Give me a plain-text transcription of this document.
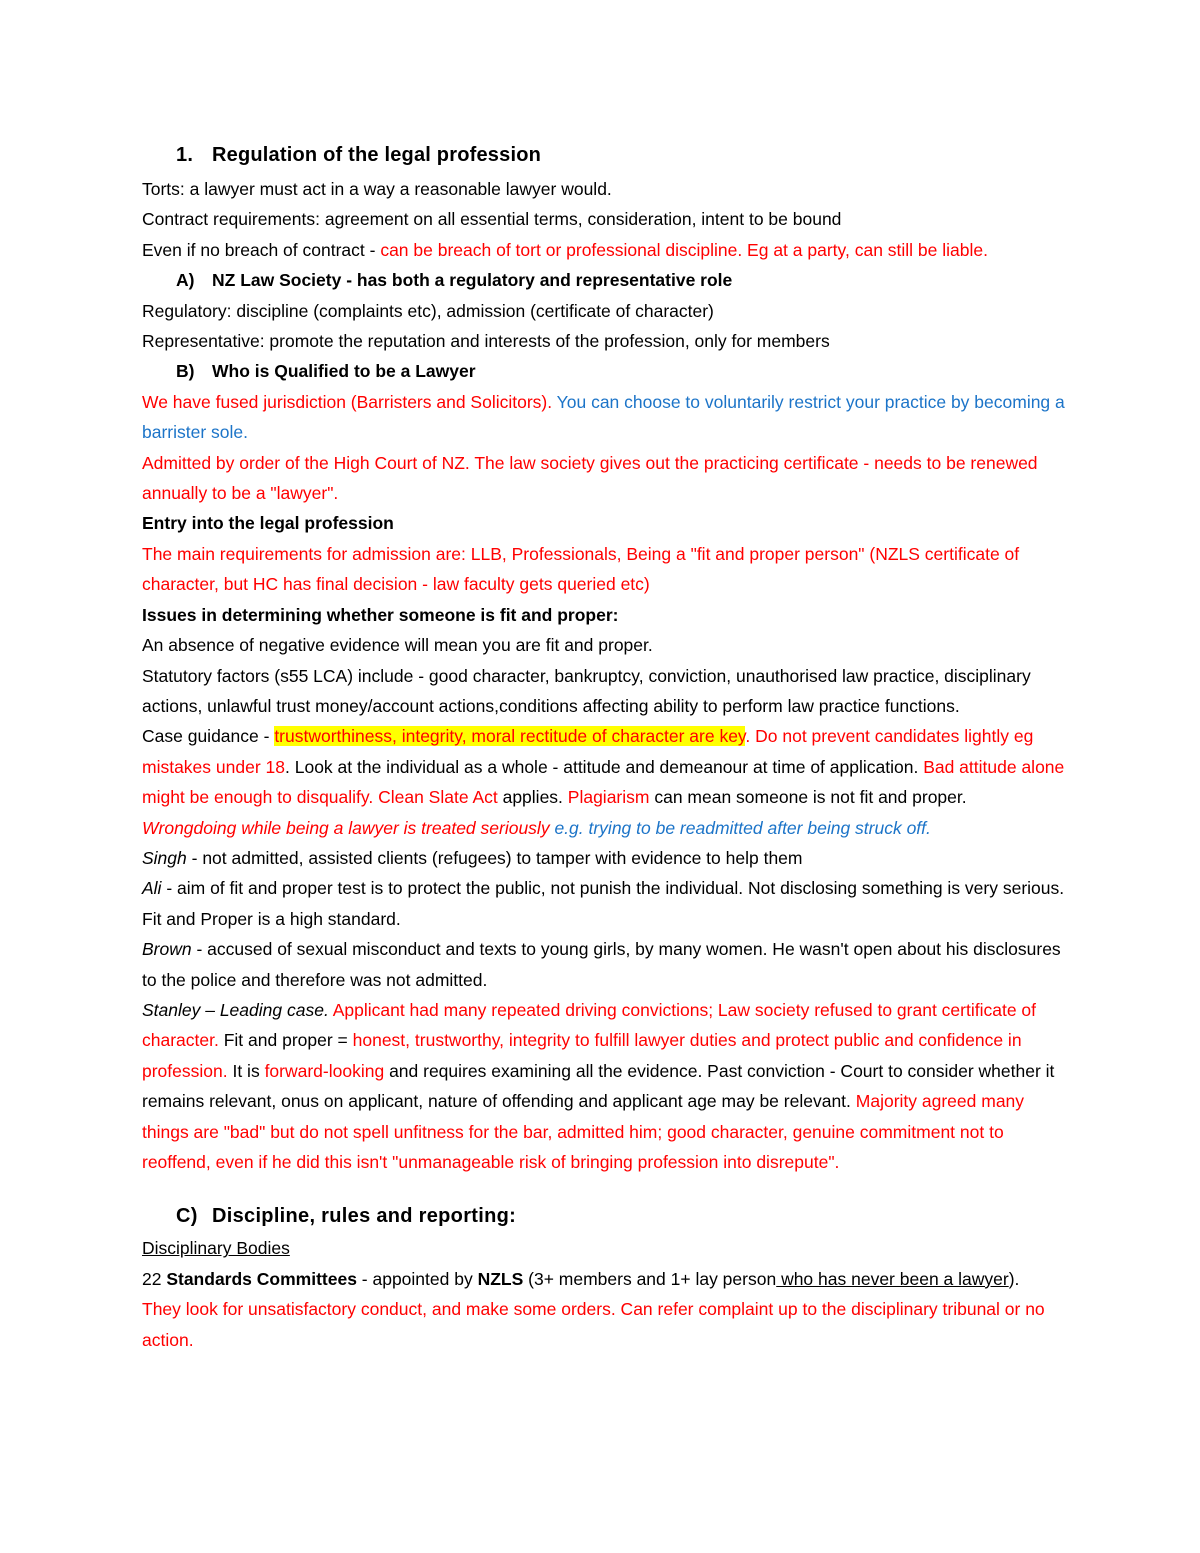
1. Regulation of the legal profession

Torts: a lawyer must act in a way a reasonable lawyer would.

Contract requirements: agreement on all essential terms, consideration, intent to be bound

Even if no breach of contract - can be breach of tort or professional discipline. Eg at a party, can still be liable.

A) NZ Law Society - has both a regulatory and representative role

Regulatory: discipline (complaints etc), admission (certificate of character)

Representative: promote the reputation and interests of the profession, only for members

B) Who is Qualified to be a Lawyer

We have fused jurisdiction (Barristers and Solicitors). You can choose to voluntarily restrict your practice by becoming a barrister sole.

Admitted by order of the High Court of NZ. The law society gives out the practicing certificate - needs to be renewed annually to be a "lawyer".

Entry into the legal profession

The main requirements for admission are: LLB, Professionals, Being a "fit and proper person" (NZLS certificate of character, but HC has final decision - law faculty gets queried etc)

Issues in determining whether someone is fit and proper:

An absence of negative evidence will mean you are fit and proper.

Statutory factors (s55 LCA) include - good character, bankruptcy, conviction, unauthorised law practice, disciplinary actions, unlawful trust money/account actions,conditions affecting ability to perform law practice functions.

Case guidance - trustworthiness, integrity, moral rectitude of character are key. Do not prevent candidates lightly eg mistakes under 18. Look at the individual as a whole - attitude and demeanour at time of application. Bad attitude alone might be enough to disqualify. Clean Slate Act applies. Plagiarism can mean someone is not fit and proper.

Wrongdoing while being a lawyer is treated seriously e.g. trying to be readmitted after being struck off.

Singh - not admitted, assisted clients (refugees) to tamper with evidence to help them

Ali - aim of fit and proper test is to protect the public, not punish the individual. Not disclosing something is very serious. Fit and Proper is a high standard.

Brown - accused of sexual misconduct and texts to young girls, by many women. He wasn't open about his disclosures to the police and therefore was not admitted.

Stanley – Leading case. Applicant had many repeated driving convictions; Law society refused to grant certificate of character. Fit and proper = honest, trustworthy, integrity to fulfill lawyer duties and protect public and confidence in profession. It is forward-looking and requires examining all the evidence. Past conviction - Court to consider whether it remains relevant, onus on applicant, nature of offending and applicant age may be relevant. Majority agreed many things are "bad" but do not spell unfitness for the bar, admitted him; good character, genuine commitment not to reoffend, even if he did this isn't "unmanageable risk of bringing profession into disrepute".

C) Discipline, rules and reporting:

Disciplinary Bodies

22 Standards Committees - appointed by NZLS (3+ members and 1+ lay person who has never been a lawyer).

They look for unsatisfactory conduct, and make some orders. Can refer complaint up to the disciplinary tribunal or no action.
